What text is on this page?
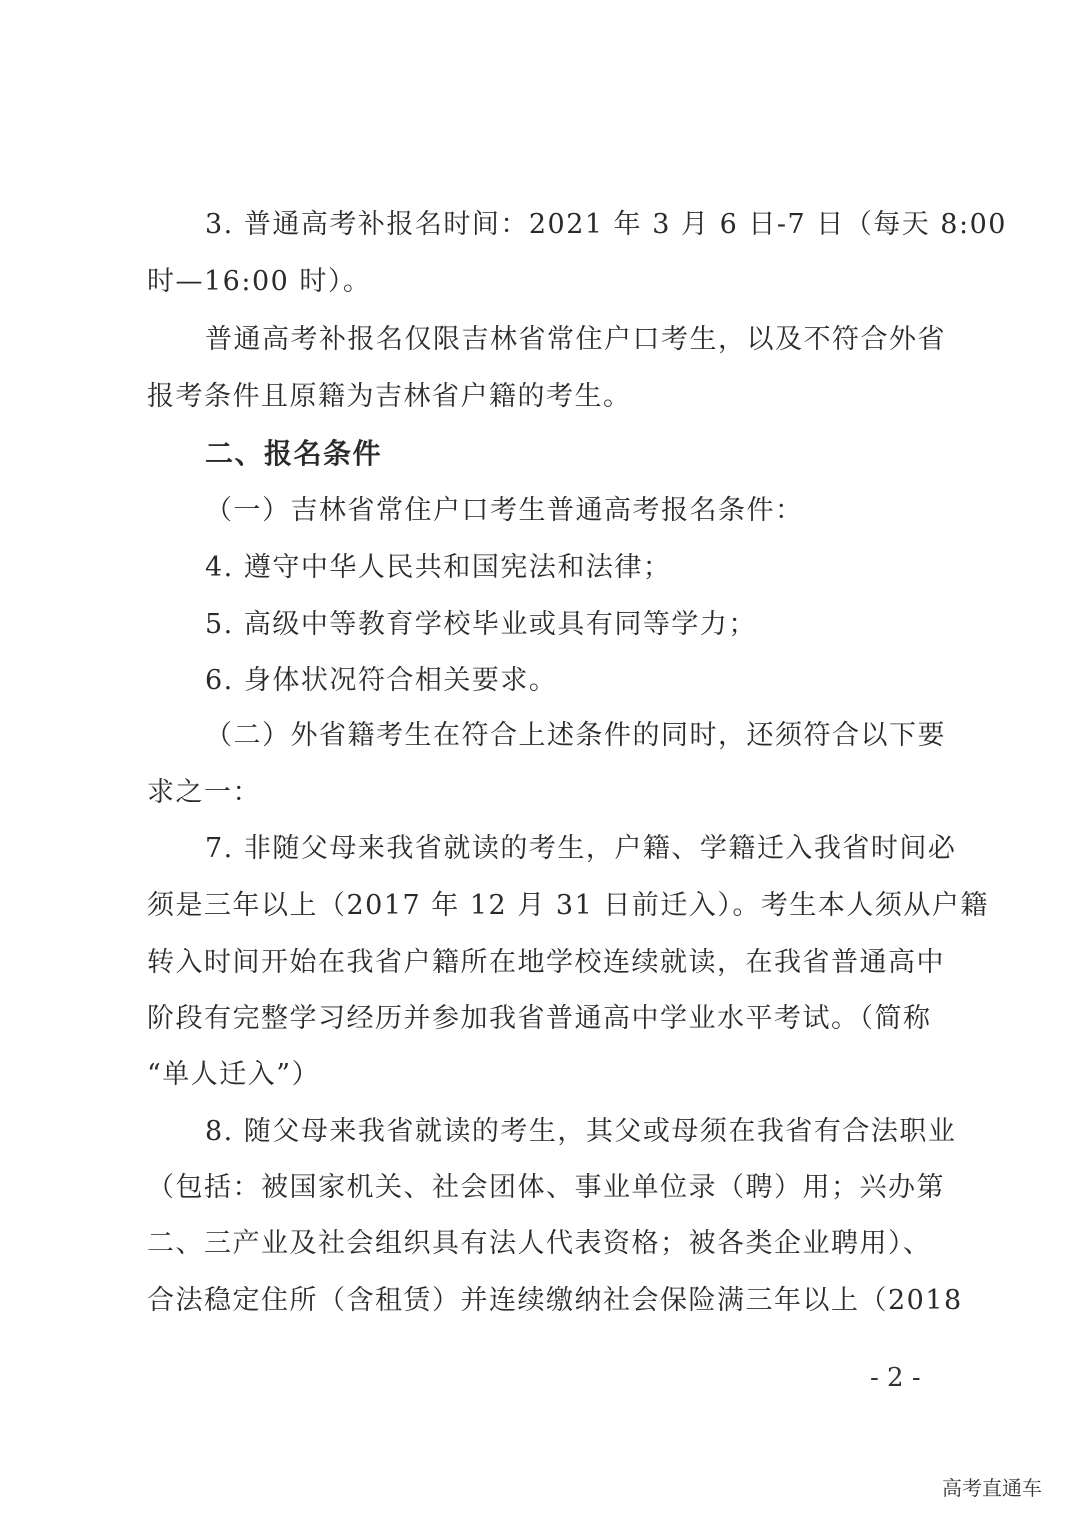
3. 普通高考补报名时间：2021 年 3 月 6 日-7 日（每天 8:00
时—16:00 时）。
普通高考补报名仅限吉林省常住户口考生，以及不符合外省
报考条件且原籍为吉林省户籍的考生。
二、报名条件
（一）吉林省常住户口考生普通高考报名条件：
4. 遵守中华人民共和国宪法和法律；
5. 高级中等教育学校毕业或具有同等学力；
6. 身体状况符合相关要求。
（二）外省籍考生在符合上述条件的同时，还须符合以下要
求之一：
7. 非随父母来我省就读的考生，户籍、学籍迁入我省时间必
须是三年以上（2017 年 12 月 31 日前迁入）。考生本人须从户籍
转入时间开始在我省户籍所在地学校连续就读，在我省普通高中
阶段有完整学习经历并参加我省普通高中学业水平考试。（简称
“单人迁入”）
8. 随父母来我省就读的考生，其父或母须在我省有合法职业
（包括：被国家机关、社会团体、事业单位录（聘）用；兴办第
二、三产业及社会组织具有法人代表资格；被各类企业聘用）、
合法稳定住所（含租赁）并连续缴纳社会保险满三年以上（2018
- 2 -
高考直通车
